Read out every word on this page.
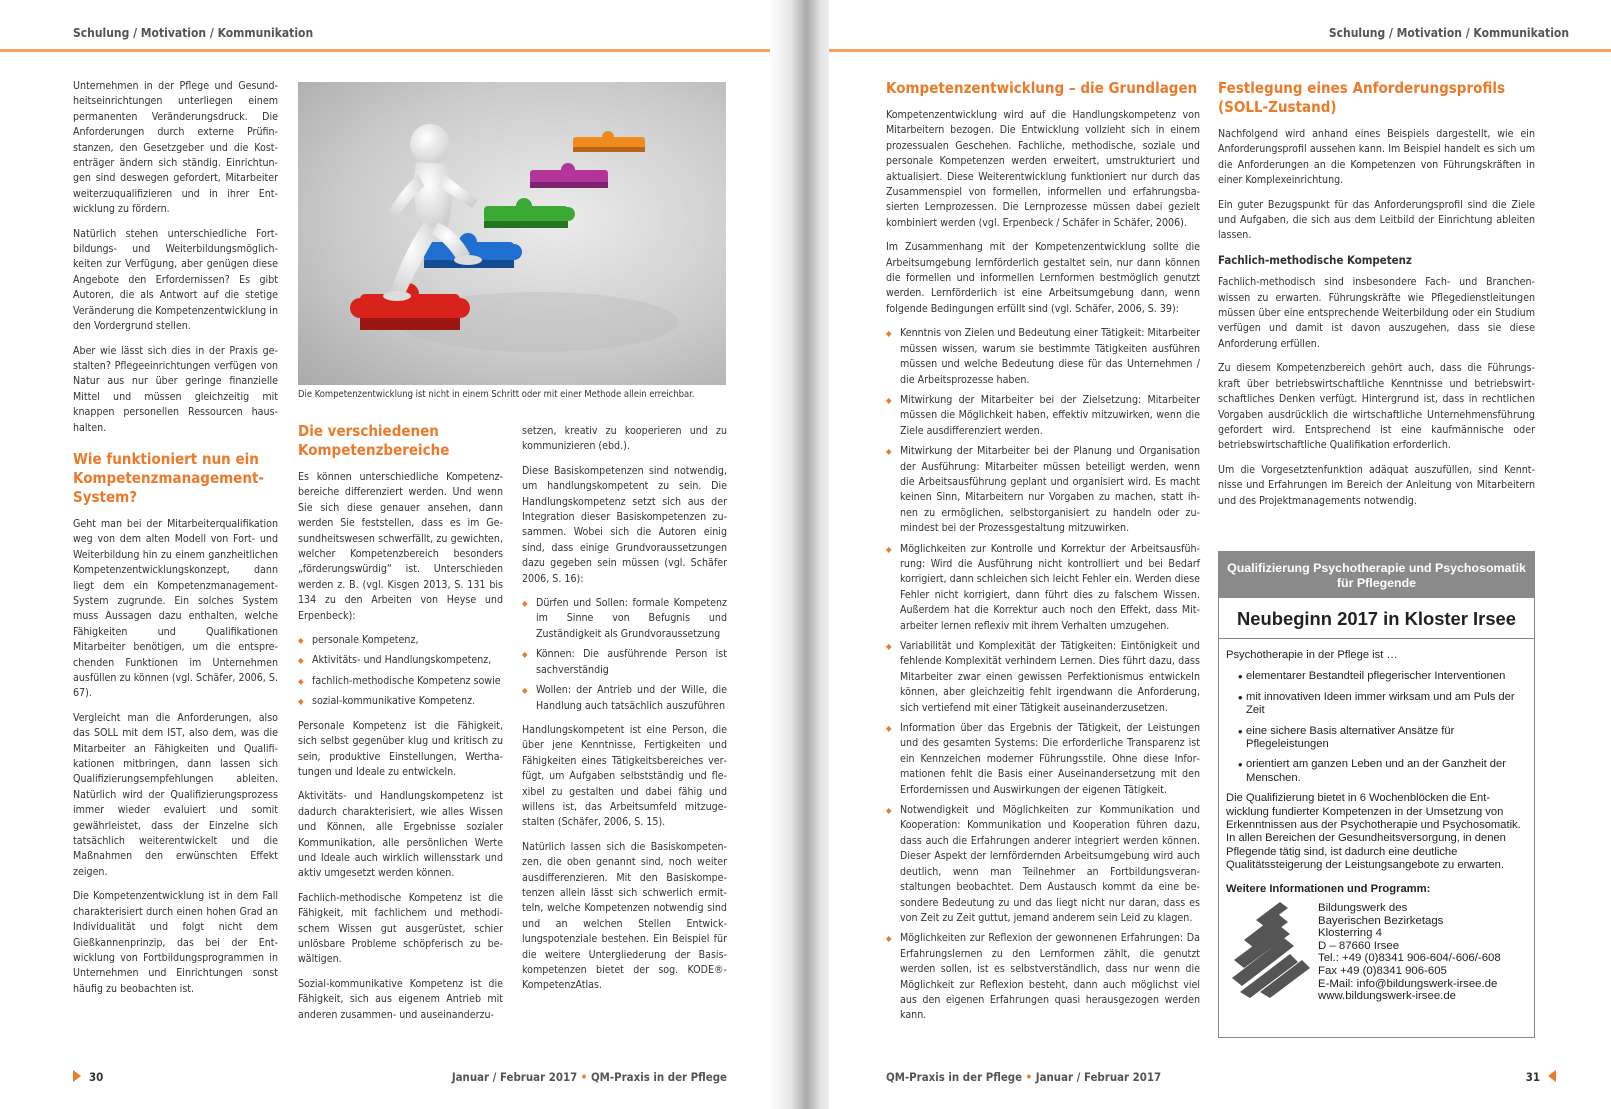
Schulung / Motivation / Kommunikation

Unternehmen in der Pflege und Gesundheitseinrichtungen unterliegen einem permanenten Veränderungsdruck. Die Anforderungen durch externe Prüfinstanzen, den Gesetzgeber und die Kostenträger ändern sich ständig. Einrichtungen sind deswegen gefordert, Mitarbeiter weiterzuqualifizieren und in ihrer Entwicklung zu fördern.

Natürlich stehen unterschiedliche Fortbildungs- und Weiterbildungsmöglichkeiten zur Verfügung, aber genügen diese Angebote den Erfordernissen? Es gibt Autoren, die als Antwort auf die stetige Veränderung die Kompetenzentwicklung in den Vordergrund stellen.

Aber wie lässt sich dies in der Praxis gestalten? Pflegeeinrichtungen verfügen von Natur aus nur über geringe finanzielle Mittel und müssen gleichzeitig mit knappen personellen Ressourcen haushalten.

Wie funktioniert nun ein Kompetenzmanagement-System?

Geht man bei der Mitarbeiterqualifikation weg von dem alten Modell von Fort- und Weiterbildung hin zu einem ganzheitlichen Kompetenzentwicklungskonzept, dann liegt dem ein Kompetenzmanagement-System zugrunde. Ein solches System muss Aussagen dazu enthalten, welche Fähigkeiten und Qualifikationen Mitarbeiter benötigen, um die entsprechenden Funktionen im Unternehmen ausfüllen zu können (vgl. Schäfer, 2006, S. 67).

Vergleicht man die Anforderungen, also das SOLL mit dem IST, also dem, was die Mitarbeiter an Fähigkeiten und Qualifikationen mitbringen, dann lassen sich Qualifizierungsempfehlungen ableiten. Natürlich wird der Qualifizierungsprozess immer wieder evaluiert und somit gewährleistet, dass der Einzelne sich tatsächlich weiterentwickelt und die Maßnahmen den erwünschten Effekt zeigen.

Die Kompetenzentwicklung ist in dem Fall charakterisiert durch einen hohen Grad an Individualität und folgt nicht dem Gießkannenprinzip, das bei der Entwicklung von Fortbildungsprogrammen in Unternehmen und Einrichtungen sonst häufig zu beobachten ist.

Die Kompetenzentwicklung ist nicht in einem Schritt oder mit einer Methode allein erreichbar.
Die verschiedenen Kompetenzbereiche

Es können unterschiedliche Kompetenzbereiche differenziert werden. Und wenn Sie sich diese genauer ansehen, dann werden Sie feststellen, dass es im Gesundheitswesen schwerfällt, zu gewichten, welcher Kompetenzbereich besonders „förderungswürdig“ ist. Unterschieden werden z. B. (vgl. Kisgen 2013, S. 131 bis 134 zu den Arbeiten von Heyse und Erpenbeck):

◆ personale Kompetenz,
◆ Aktivitäts- und Handlungskompetenz,
◆ fachlich-methodische Kompetenz sowie
◆ sozial-kommunikative Kompetenz.

Personale Kompetenz ist die Fähigkeit, sich selbst gegenüber klug und kritisch zu sein, produktive Einstellungen, Werthatungen und Ideale zu entwickeln.

Aktivitäts- und Handlungskompetenz ist dadurch charakterisiert, wie alles Wissen und Können, alle Ergebnisse sozialer Kommunikation, alle persönlichen Werte und Ideale auch wirklich willensstark und aktiv umgesetzt werden können.

Fachlich-methodische Kompetenz ist die Fähigkeit, mit fachlichem und methodischem Wissen gut ausgerüstet, schier unlösbare Probleme schöpferisch zu bewältigen.

Sozial-kommunikative Kompetenz ist die Fähigkeit, sich aus eigenem Antrieb mit anderen zusammen- und auseinanderzu-

setzen, kreativ zu kooperieren und zu kommunizieren (ebd.).

Diese Basiskompetenzen sind notwendig, um handlungskompetent zu sein. Die Handlungskompetenz setzt sich aus der Integration dieser Basiskompetenzen zusammen. Wobei sich die Autoren einig sind, dass einige Grundvoraussetzungen dazu gegeben sein müssen (vgl. Schäfer 2006, S. 16):

◆ Dürfen und Sollen: formale Kompetenz im Sinne von Befugnis und Zuständigkeit als Grundvoraussetzung
◆ Können: Die ausführende Person ist sachverständig
◆ Wollen: der Antrieb und der Wille, die Handlung auch tatsächlich auszuführen

Handlungskompetent ist eine Person, die über jene Kenntnisse, Fertigkeiten und Fähigkeiten eines Tätigkeitsbereiches verfügt, um Aufgaben selbstständig und flexibel zu gestalten und dabei fähig und willens ist, das Arbeitsumfeld mitzugestalten (Schäfer, 2006, S. 15).

Natürlich lassen sich die Basiskompetenzen, die oben genannt sind, noch weiter ausdifferenzieren. Mit den Basiskompetenzen allein lässt sich schwerlich ermitteln, welche Kompetenzen notwendig sind und an welchen Stellen Entwicklungspotenziale bestehen. Ein Beispiel für die weitere Untergliederung der Basiskompetenzen bietet der sog. KODE®-KompetenzAtlas.

30	Januar / Februar 2017 • QM-Praxis in der Pflege
Schulung / Motivation / Kommunikation
Kompetenzentwicklung – die Grundlagen

Kompetenzentwicklung wird auf die Handlungskompetenz von Mitarbeitern bezogen. Die Entwicklung vollzieht sich in einem prozessualen Geschehen. Fachliche, methodische, soziale und personale Kompetenzen werden erweitert, umstrukturiert und aktualisiert. Diese Weiterentwicklung funktioniert nur durch das Zusammenspiel von formellen, informellen und erfahrungsbasierten Lernprozessen. Die Lernprozesse müssen dabei gezielt kombiniert werden (vgl. Erpenbeck / Schäfer in Schäfer, 2006).

Im Zusammenhang mit der Kompetenzentwicklung sollte die Arbeitsumgebung lernförderlich gestaltet sein, nur dann können die formellen und informellen Lernformen bestmöglich genutzt werden. Lernförderlich ist eine Arbeitsumgebung dann, wenn folgende Bedingungen erfüllt sind (vgl. Schäfer, 2006, S. 39):

◆ Kenntnis von Zielen und Bedeutung einer Tätigkeit: Mitarbeiter müssen wissen, warum sie bestimmte Tätigkeiten ausführen müssen und welche Bedeutung diese für das Unternehmen / die Arbeitsprozesse haben.
◆ Mitwirkung der Mitarbeiter bei der Zielsetzung: Mitarbeiter müssen die Möglichkeit haben, effektiv mitzuwirken, wenn die Ziele ausdifferenziert werden.
◆ Mitwirkung der Mitarbeiter bei der Planung und Organisation der Ausführung: Mitarbeiter müssen beteiligt werden, wenn die Arbeitsausführung geplant und organisiert wird. Es macht keinen Sinn, Mitarbeitern nur Vorgaben zu machen, statt ihnen zu ermöglichen, selbstorganisiert zu handeln oder zumindest bei der Prozessgestaltung mitzuwirken.
◆ Möglichkeiten zur Kontrolle und Korrektur der Arbeitsausführung: Wird die Ausführung nicht kontrolliert und bei Bedarf korrigiert, dann schleichen sich leicht Fehler ein. Werden diese Fehler nicht korrigiert, dann führt dies zu falschem Wissen. Außerdem hat die Korrektur auch noch den Effekt, dass Mitarbeiter lernen reflexiv mit ihrem Verhalten umzugehen.
◆ Variabilität und Komplexität der Tätigkeiten: Eintönigkeit und fehlende Komplexität verhindern Lernen. Dies führt dazu, dass Mitarbeiter zwar einen gewissen Perfektionismus entwickeln können, aber gleichzeitig fehlt irgendwann die Anforderung, sich vertiefend mit einer Tätigkeit auseinanderzusetzen.
◆ Information über das Ergebnis der Tätigkeit, der Leistungen und des gesamten Systems: Die erforderliche Transparenz ist ein Kennzeichen moderner Führungsstile. Ohne diese Informationen fehlt die Basis einer Auseinandersetzung mit den Erfordernissen und Auswirkungen der eigenen Tätigkeit.
◆ Notwendigkeit und Möglichkeiten zur Kommunikation und Kooperation: Kommunikation und Kooperation führen dazu, dass auch die Erfahrungen anderer integriert werden können. Dieser Aspekt der lernfördernden Arbeitsumgebung wird auch deutlich, wenn man Teilnehmer an Fortbildungsveranstaltungen beobachtet. Dem Austausch kommt da eine besondere Bedeutung zu und das liegt nicht nur daran, dass es von Zeit zu Zeit guttut, jemand anderem sein Leid zu klagen.
◆ Möglichkeiten zur Reflexion der gewonnenen Erfahrungen: Da Erfahrungslernen zu den Lernformen zählt, die genutzt werden sollen, ist es selbstverständlich, dass nur wenn die Möglichkeit zur Reflexion besteht, dann auch möglichst viel aus den eigenen Erfahrungen quasi herausgezogen werden kann.
Festlegung eines Anforderungsprofils (SOLL-Zustand)

Nachfolgend wird anhand eines Beispiels dargestellt, wie ein Anforderungsprofil aussehen kann. Im Beispiel handelt es sich um die Anforderungen an die Kompetenzen von Führungskräften in einer Komplexeinrichtung.

Ein guter Bezugspunkt für das Anforderungsprofil sind die Ziele und Aufgaben, die sich aus dem Leitbild der Einrichtung ableiten lassen.

Fachlich-methodische Kompetenz

Fachlich-methodisch sind insbesondere Fach- und Branchenwissen zu erwarten. Führungskräfte wie Pflegedienstleitungen müssen über eine entsprechende Weiterbildung oder ein Studium verfügen und damit ist davon auszugehen, dass sie diese Anforderung erfüllen.

Zu diesem Kompetenzbereich gehört auch, dass die Führungskraft über betriebswirtschaftliche Kenntnisse und betriebswirtschaftliches Denken verfügt. Hintergrund ist, dass in rechtlichen Vorgaben ausdrücklich die wirtschaftliche Unternehmensführung gefordert wird. Entsprechend ist eine kaufmännische oder betriebswirtschaftliche Qualifikation erforderlich.

Um die Vorgesetztenfunktion adäquat auszufüllen, sind Kenntnisse und Erfahrungen im Bereich der Anleitung von Mitarbeitern und des Projektmanagements notwendig.

QM-Praxis in der Pflege • Januar / Februar 2017	31
Qualifizierung Psychotherapie und Psychosomatik für Pflegende
Neubeginn 2017 in Kloster Irsee
Psychotherapie in der Pflege ist …
• elementarer Bestandteil pflegerischer Interventionen
• mit innovativen Ideen immer wirksam und am Puls der Zeit
• eine sichere Basis alternativer Ansätze für Pflegeleistungen
• orientiert am ganzen Leben und an der Ganzheit der Menschen.

Die Qualifizierung bietet in 6 Wochenblöcken die Entwicklung fundierter Kompetenzen in der Umsetzung von Erkenntnissen aus der Psychotherapie und Psychosomatik. In allen Bereichen der Gesundheitsversorgung, in denen Pflegende tätig sind, ist dadurch eine deutliche Qualitätssteigerung der Leistungsangebote zu erwarten.

Weitere Informationen und Programm:
Bildungswerk des
Bayerischen Bezirketags
Klosterring 4
D – 87660 Irsee
Tel.: +49 (0)8341 906-604/-606/-608
Fax +49 (0)8341 906-605
E-Mail: info@bildungswerk-irsee.de
www.bildungswerk-irsee.de
